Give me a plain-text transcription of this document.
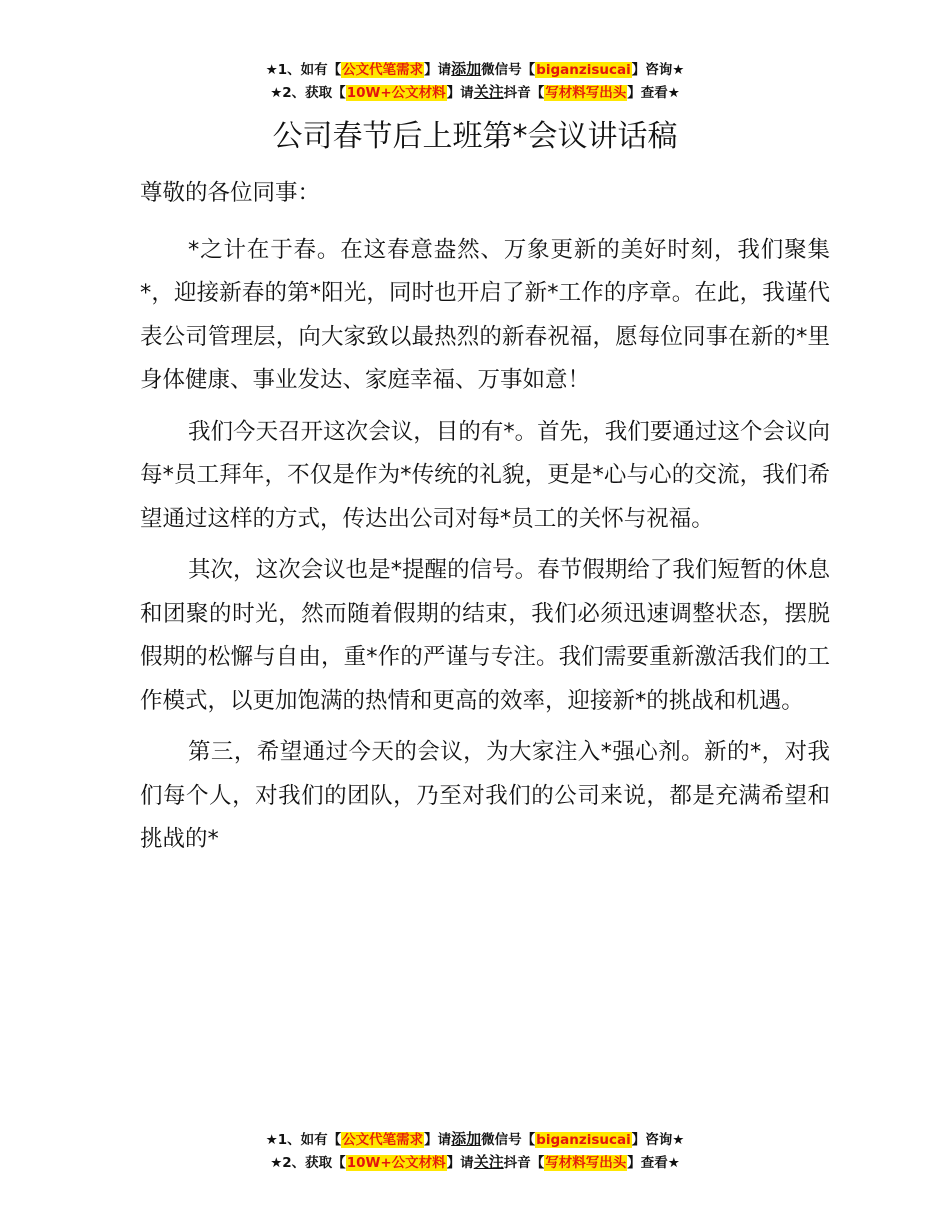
★1、如有【公文代笔需求】请添加微信号【biganzisucai】咨询★
★2、获取【10W+公文材料】请关注抖音【写材料写出头】查看★
公司春节后上班第*会议讲话稿

尊敬的各位同事：

*之计在于春。在这春意盎然、万象更新的美好时刻，我们聚集*，迎接新春的第*阳光，同时也开启了新*工作的序章。在此，我谨代表公司管理层，向大家致以最热烈的新春祝福，愿每位同事在新的*里身体健康、事业发达、家庭幸福、万事如意！

我们今天召开这次会议，目的有*。首先，我们要通过这个会议向每*员工拜年，不仅是作为*传统的礼貌，更是*心与心的交流，我们希望通过这样的方式，传达出公司对每*员工的关怀与祝福。

其次，这次会议也是*提醒的信号。春节假期给了我们短暂的休息和团聚的时光，然而随着假期的结束，我们必须迅速调整状态，摆脱假期的松懈与自由，重*作的严谨与专注。我们需要重新激活我们的工作模式，以更加饱满的热情和更高的效率，迎接新*的挑战和机遇。

第三，希望通过今天的会议，为大家注入*强心剂。新的*，对我们每个人，对我们的团队，乃至对我们的公司来说，都是充满希望和挑战的*

★1、如有【公文代笔需求】请添加微信号【biganzisucai】咨询★
★2、获取【10W+公文材料】请关注抖音【写材料写出头】查看★
